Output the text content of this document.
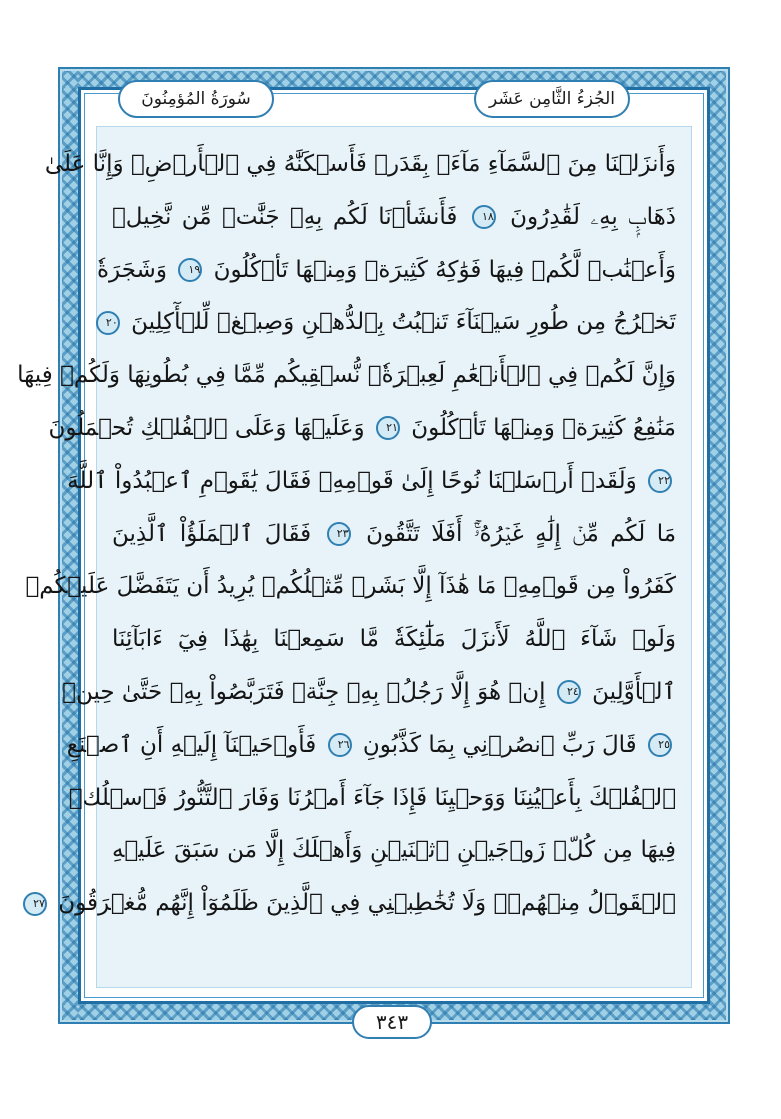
سُورَةُ المُؤمِنُونَ	الجُزءُ الثَّامِن عَشَر
وَأَنزَلۡنَا مِنَ ٱلسَّمَآءِ مَآءَۢ بِقَدَرٖ فَأَسۡكَنَّٰهُ فِي ٱلۡأَرۡضِۖ وَإِنَّا عَلَىٰ
ذَهَابِۭ بِهِۦ لَقَٰدِرُونَ ١٨ فَأَنشَأۡنَا لَكُم بِهِۦ جَنَّٰتٖ مِّن نَّخِيلٖ
وَأَعۡنَٰبٖ لَّكُمۡ فِيهَا فَوَٰكِهُ كَثِيرَةٞ وَمِنۡهَا تَأۡكُلُونَ ١٩ وَشَجَرَةٗ
تَخۡرُجُ مِن طُورِ سَيۡنَآءَ تَنۢبُتُ بِٱلدُّهۡنِ وَصِبۡغٖ لِّلۡأٓكِلِينَ ٢٠
وَإِنَّ لَكُمۡ فِي ٱلۡأَنۡعَٰمِ لَعِبۡرَةٗۖ نُّسۡقِيكُم مِّمَّا فِي بُطُونِهَا وَلَكُمۡ فِيهَا
مَنَٰفِعُ كَثِيرَةٞ وَمِنۡهَا تَأۡكُلُونَ ٢١ وَعَلَيۡهَا وَعَلَى ٱلۡفُلۡكِ تُحۡمَلُونَ
٢٢ وَلَقَدۡ أَرۡسَلۡنَا نُوحًا إِلَىٰ قَوۡمِهِۦ فَقَالَ يَٰقَوۡمِ ٱعۡبُدُواْ ٱللَّهَ
مَا لَكُم مِّنۡ إِلَٰهٍ غَيۡرُهُۥٓۚ أَفَلَا تَتَّقُونَ ٢٣ فَقَالَ ٱلۡمَلَؤُاْ ٱلَّذِينَ
كَفَرُواْ مِن قَوۡمِهِۦ مَا هَٰذَآ إِلَّا بَشَرٞ مِّثۡلُكُمۡ يُرِيدُ أَن يَتَفَضَّلَ عَلَيۡكُمۡ
وَلَوۡ شَآءَ ٱللَّهُ لَأَنزَلَ مَلَٰٓئِكَةٗ مَّا سَمِعۡنَا بِهَٰذَا فِيٓ ءَابَآئِنَا
ٱلۡأَوَّلِينَ ٢٤ إِنۡ هُوَ إِلَّا رَجُلُۢ بِهِۦ جِنَّةٞ فَتَرَبَّصُواْ بِهِۦ حَتَّىٰ حِينٖ
٢٥ قَالَ رَبِّ ٱنصُرۡنِي بِمَا كَذَّبُونِ ٢٦ فَأَوۡحَيۡنَآ إِلَيۡهِ أَنِ ٱصۡنَعِ
ٱلۡفُلۡكَ بِأَعۡيُنِنَا وَوَحۡيِنَا فَإِذَا جَآءَ أَمۡرُنَا وَفَارَ ٱلتَّنُّورُ فَٱسۡلُكۡ
فِيهَا مِن كُلّٖ زَوۡجَيۡنِ ٱثۡنَيۡنِ وَأَهۡلَكَ إِلَّا مَن سَبَقَ عَلَيۡهِ
ٱلۡقَوۡلُ مِنۡهُمۡۖ وَلَا تُخَٰطِبۡنِي فِي ٱلَّذِينَ ظَلَمُوٓاْ إِنَّهُم مُّغۡرَقُونَ ٢٧
٣٤٣
